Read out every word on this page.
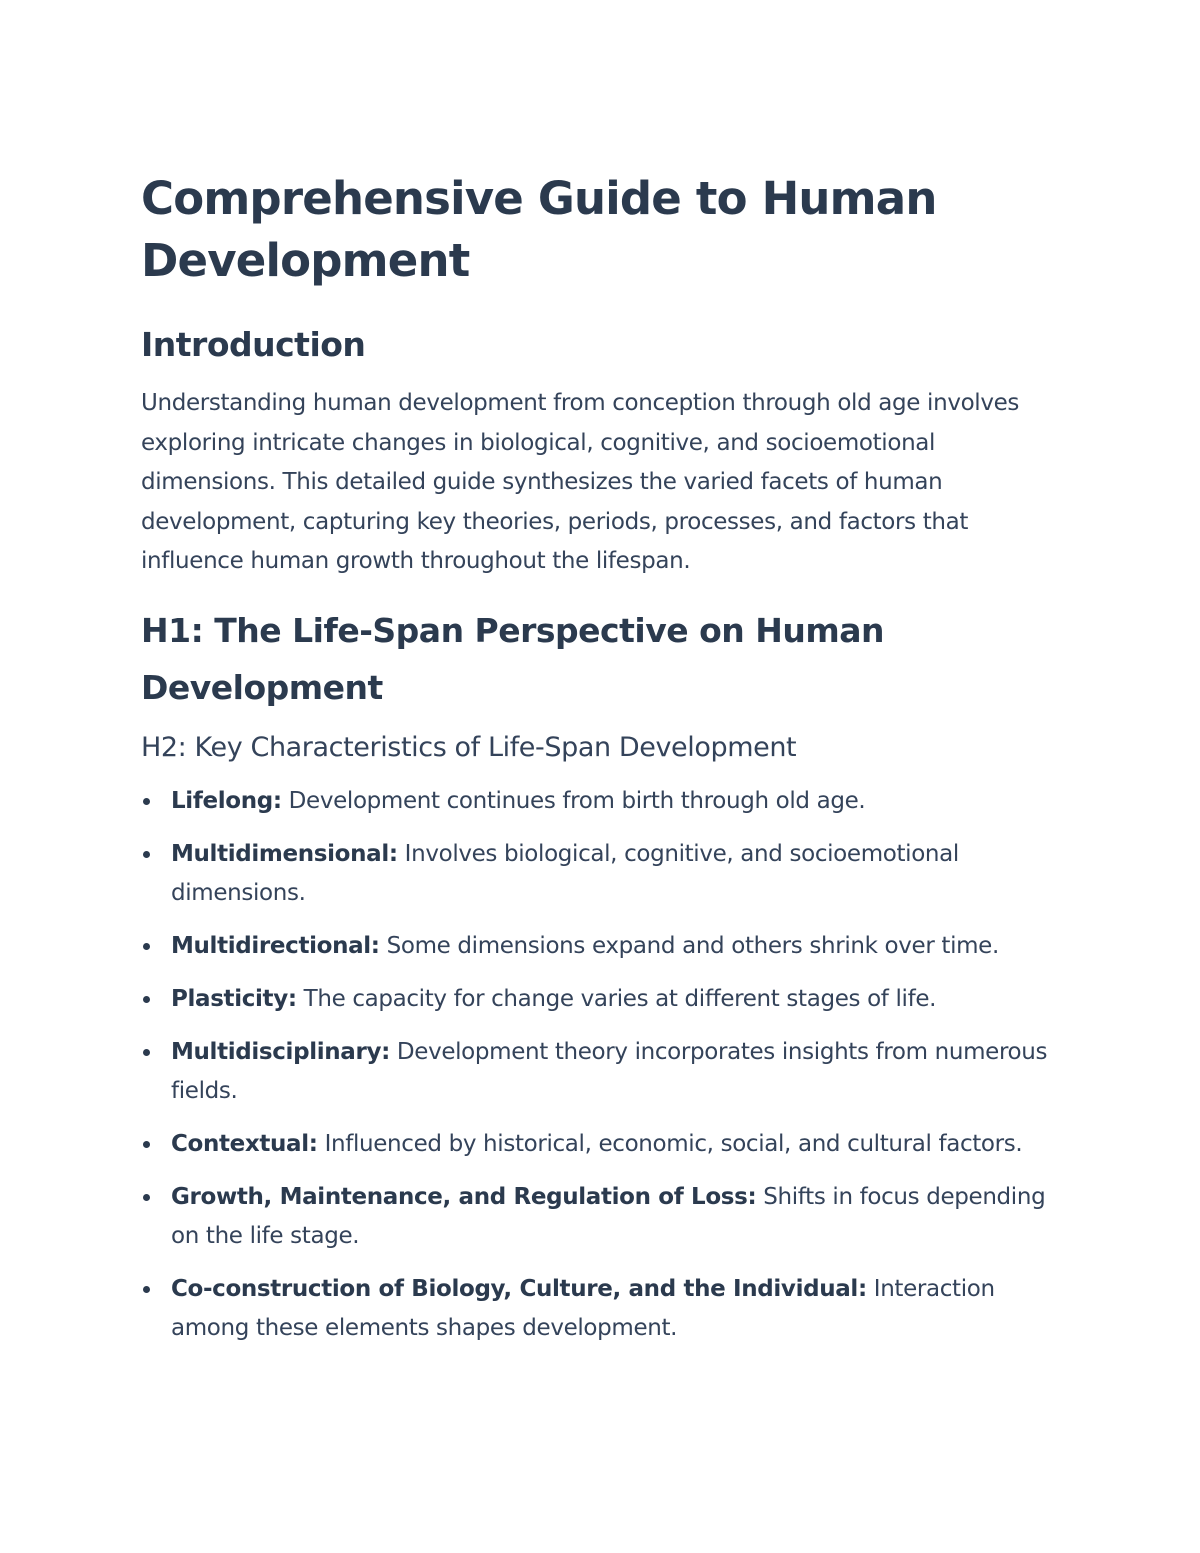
Comprehensive Guide to Human Development
Introduction

Understanding human development from conception through old age involves exploring intricate changes in biological, cognitive, and socioemotional dimensions. This detailed guide synthesizes the varied facets of human development, capturing key theories, periods, processes, and factors that influence human growth throughout the lifespan.

H1: The Life-Span Perspective on Human Development
H2: Key Characteristics of Life-Span Development
Lifelong: Development continues from birth through old age.
Multidimensional: Involves biological, cognitive, and socioemotional dimensions.
Multidirectional: Some dimensions expand and others shrink over time.
Plasticity: The capacity for change varies at different stages of life.
Multidisciplinary: Development theory incorporates insights from numerous fields.
Contextual: Influenced by historical, economic, social, and cultural factors.
Growth, Maintenance, and Regulation of Loss: Shifts in focus depending on the life stage.
Co-construction of Biology, Culture, and the Individual: Interaction among these elements shapes development.
